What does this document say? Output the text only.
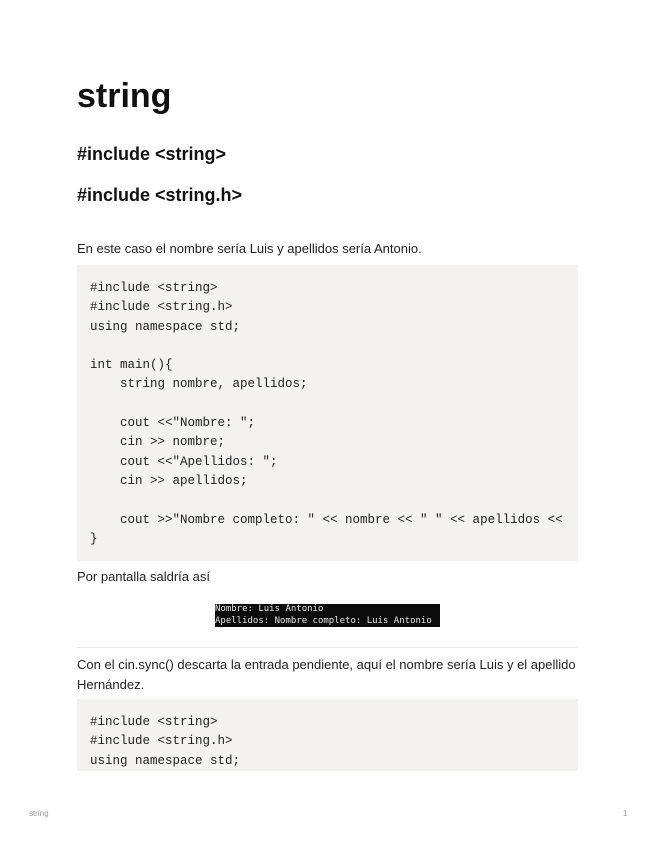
string
#include <string>
#include <string.h>

En este caso el nombre sería Luis y apellidos sería Antonio.

#include <string>
#include <string.h>
using namespace std;
int main(){
string nombre, apellidos;
cout <<"Nombre: ";
cin >> nombre;
cout <<"Apellidos: ";
cin >> apellidos;
cout >>"Nombre completo: " << nombre << " " << apellidos <<
}

Por pantalla saldría así

Nombre: Luis Antonio
Apellidos: Nombre completo: Luis Antonio

Con el cin.sync() descarta la entrada pendiente, aquí el nombre sería Luis y el apellido Hernández.

#include <string>
#include <string.h>
using namespace std;
string	1
